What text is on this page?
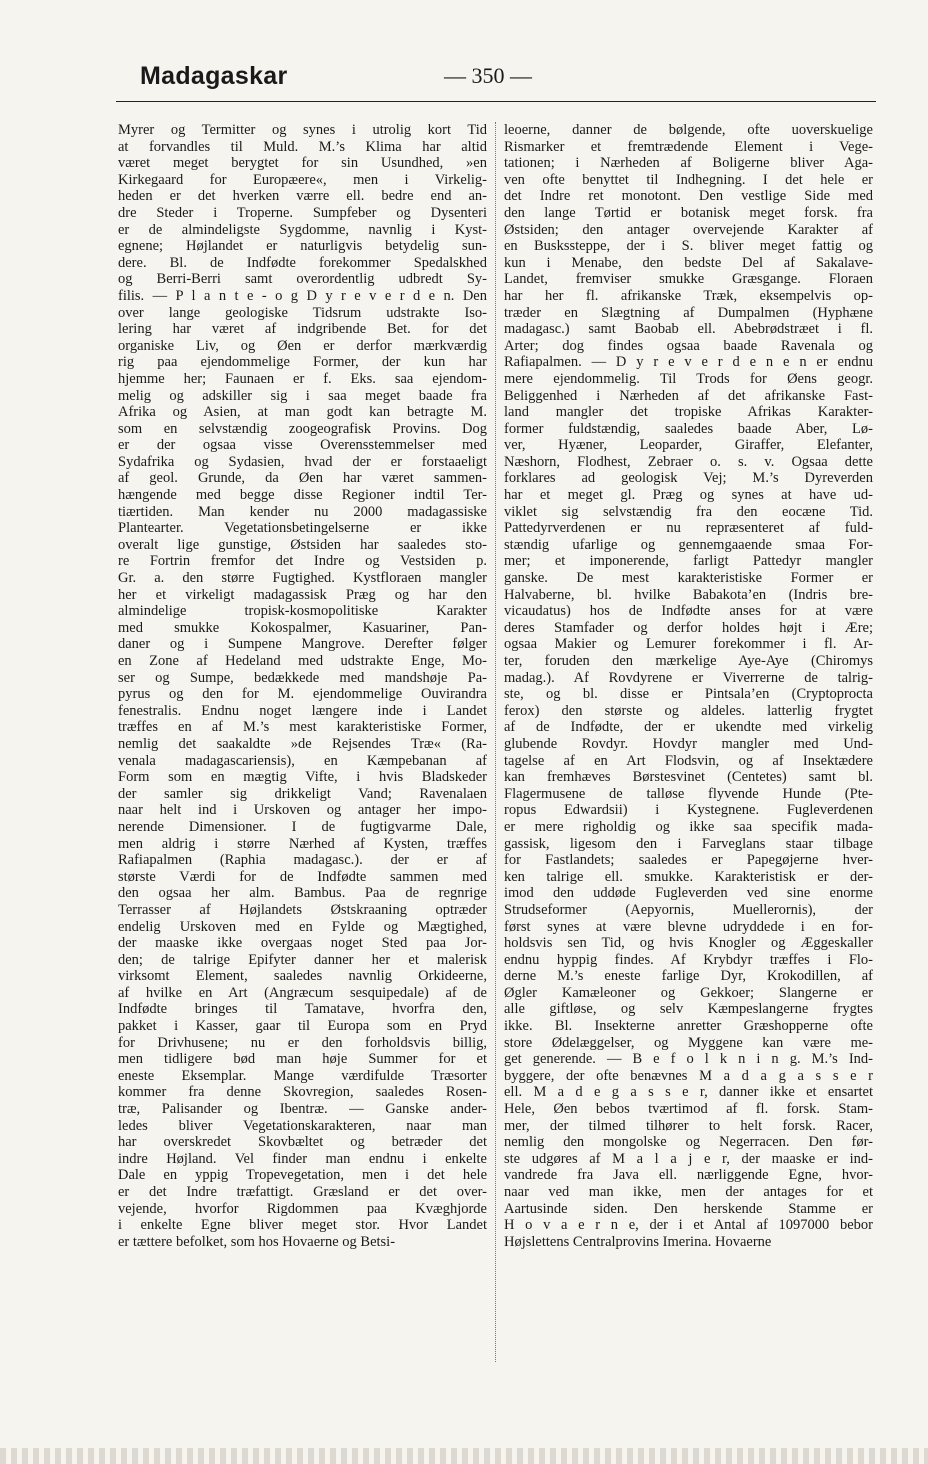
Madagaskar	— 350 —
Myrer og Termitter og synes i utrolig kort Tid
at forvandles til Muld. M.’s Klima har altid
været meget berygtet for sin Usundhed, »en
Kirkegaard for Europæere«, men i Virkelig-
heden er det hverken værre ell. bedre end an-
dre Steder i Troperne. Sumpfeber og Dysenteri
er de almindeligste Sygdomme, navnlig i Kyst-
egnene; Højlandet er naturligvis betydelig sun-
dere. Bl. de Indfødte forekommer Spedalskhed
og Berri-Berri samt overordentlig udbredt Sy-
filis. — P l a n t e - o g D y r e v e r d e n. Den
over lange geologiske Tidsrum udstrakte Iso-
lering har været af indgribende Bet. for det
organiske Liv, og Øen er derfor mærkværdig
rig paa ejendommelige Former, der kun har
hjemme her; Faunaen er f. Eks. saa ejendom-
melig og adskiller sig i saa meget baade fra
Afrika og Asien, at man godt kan betragte M.
som en selvstændig zoogeografisk Provins. Dog
er der ogsaa visse Overensstemmelser med
Sydafrika og Sydasien, hvad der er forstaaeligt
af geol. Grunde, da Øen har været sammen-
hængende med begge disse Regioner indtil Ter-
tiærtiden. Man kender nu 2000 madagassiske
Plantearter. Vegetationsbetingelserne er ikke
overalt lige gunstige, Østsiden har saaledes sto-
re Fortrin fremfor det Indre og Vestsiden p.
Gr. a. den større Fugtighed. Kystfloraen mangler
her et virkeligt madagassisk Præg og har den
almindelige tropisk-kosmopolitiske Karakter
med smukke Kokospalmer, Kasuariner, Pan-
daner og i Sumpene Mangrove. Derefter følger
en Zone af Hedeland med udstrakte Enge, Mo-
ser og Sumpe, bedækkede med mandshøje Pa-
pyrus og den for M. ejendommelige Ouvirandra
fenestralis. Endnu noget længere inde i Landet
træffes en af M.’s mest karakteristiske Former,
nemlig det saakaldte »de Rejsendes Træ« (Ra-
venala madagascariensis), en Kæmpebanan af
Form som en mægtig Vifte, i hvis Bladskeder
der samler sig drikkeligt Vand; Ravenalaen
naar helt ind i Urskoven og antager her impo-
nerende Dimensioner. I de fugtigvarme Dale,
men aldrig i større Nærhed af Kysten, træffes
Rafiapalmen (Raphia madagasc.). der er af
største Værdi for de Indfødte sammen med
den ogsaa her alm. Bambus. Paa de regnrige
Terrasser af Højlandets Østskraaning optræder
endelig Urskoven med en Fylde og Mægtighed,
der maaske ikke overgaas noget Sted paa Jor-
den; de talrige Epifyter danner her et malerisk
virksomt Element, saaledes navnlig Orkideerne,
af hvilke en Art (Angræcum sesquipedale) af de
Indfødte bringes til Tamatave, hvorfra den,
pakket i Kasser, gaar til Europa som en Pryd
for Drivhusene; nu er den forholdsvis billig,
men tidligere bød man høje Summer for et
eneste Eksemplar. Mange værdifulde Træsorter
kommer fra denne Skovregion, saaledes Rosen-
træ, Palisander og Ibentræ. — Ganske ander-
ledes bliver Vegetationskarakteren, naar man
har overskredet Skovbæltet og betræder det
indre Højland. Vel finder man endnu i enkelte
Dale en yppig Tropevegetation, men i det hele
er det Indre træfattigt. Græsland er det over-
vejende, hvorfor Rigdommen paa Kvæghjorde
i enkelte Egne bliver meget stor. Hvor Landet
er tættere befolket, som hos Hovaerne og Betsi-
leoerne, danner de bølgende, ofte uoverskuelige
Rismarker et fremtrædende Element i Vege-
tationen; i Nærheden af Boligerne bliver Aga-
ven ofte benyttet til Indhegning. I det hele er
det Indre ret monotont. Den vestlige Side med
den lange Tørtid er botanisk meget forsk. fra
Østsiden; den antager overvejende Karakter af
en Buskssteppe, der i S. bliver meget fattig og
kun i Menabe, den bedste Del af Sakalave-
Landet, fremviser smukke Græsgange. Floraen
har her fl. afrikanske Træk, eksempelvis op-
træder en Slægtning af Dumpalmen (Hyphæne
madagasc.) samt Baobab ell. Abebrødstræet i fl.
Arter; dog findes ogsaa baade Ravenala og
Rafiapalmen. — D y r e v e r d e n e n er endnu
mere ejendommelig. Til Trods for Øens geogr.
Beliggenhed i Nærheden af det afrikanske Fast-
land mangler det tropiske Afrikas Karakter-
former fuldstændig, saaledes baade Aber, Lø-
ver, Hyæner, Leoparder, Giraffer, Elefanter,
Næshorn, Flodhest, Zebraer o. s. v. Ogsaa dette
forklares ad geologisk Vej; M.’s Dyreverden
har et meget gl. Præg og synes at have ud-
viklet sig selvstændig fra den eocæne Tid.
Pattedyrverdenen er nu repræsenteret af fuld-
stændig ufarlige og gennemgaaende smaa For-
mer; et imponerende, farligt Pattedyr mangler
ganske. De mest karakteristiske Former er
Halvaberne, bl. hvilke Babakota’en (Indris bre-
vicaudatus) hos de Indfødte anses for at være
deres Stamfader og derfor holdes højt i Ære;
ogsaa Makier og Lemurer forekommer i fl. Ar-
ter, foruden den mærkelige Aye-Aye (Chiromys
madag.). Af Rovdyrene er Viverrerne de talrig-
ste, og bl. disse er Pintsala’en (Cryptoprocta
ferox) den største og aldeles. latterlig frygtet
af de Indfødte, der er ukendte med virkelig
glubende Rovdyr. Hovdyr mangler med Und-
tagelse af en Art Flodsvin, og af Insektædere
kan fremhæves Børstesvinet (Centetes) samt bl.
Flagermusene de talløse flyvende Hunde (Pte-
ropus Edwardsii) i Kystegnene. Fugleverdenen
er mere righoldig og ikke saa specifik mada-
gassisk, ligesom den i Farveglans staar tilbage
for Fastlandets; saaledes er Papegøjerne hver-
ken talrige ell. smukke. Karakteristisk er der-
imod den uddøde Fugleverden ved sine enorme
Strudseformer (Aepyornis, Muellerornis), der
først synes at være blevne udryddede i en for-
holdsvis sen Tid, og hvis Knogler og Æggeskaller
endnu hyppig findes. Af Krybdyr træffes i Flo-
derne M.’s eneste farlige Dyr, Krokodillen, af
Øgler Kamæleoner og Gekkoer; Slangerne er
alle giftløse, og selv Kæmpeslangerne frygtes
ikke. Bl. Insekterne anretter Græshopperne ofte
store Ødelæggelser, og Myggene kan være me-
get generende. — B e f o l k n i n g. M.’s Ind-
byggere, der ofte benævnes M a d a g a s s e r
ell. M a d e g a s s e r, danner ikke et ensartet
Hele, Øen bebos tværtimod af fl. forsk. Stam-
mer, der tilmed tilhører to helt forsk. Racer,
nemlig den mongolske og Negerracen. Den før-
ste udgøres af M a l a j e r, der maaske er ind-
vandrede fra Java ell. nærliggende Egne, hvor-
naar ved man ikke, men der antages for et
Aartusinde siden. Den herskende Stamme er
H o v a e r n e, der i et Antal af 1097000 bebor
Højslettens Centralprovins Imerina. Hovaerne
